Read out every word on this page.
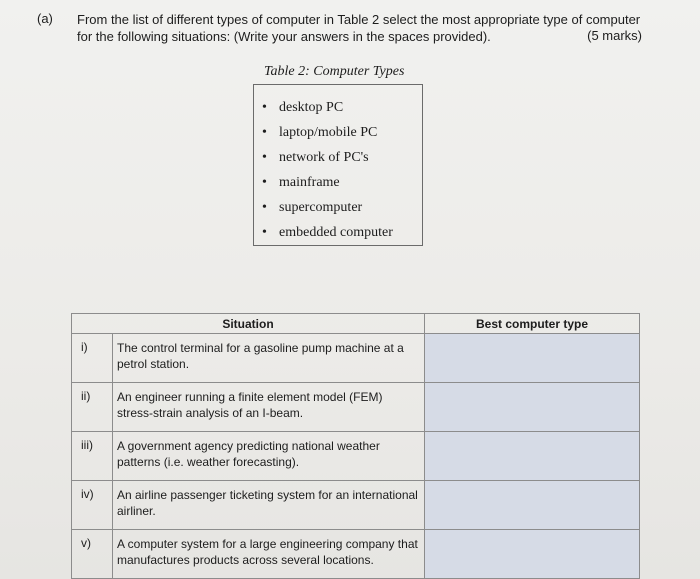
(a) From the list of different types of computer in Table 2 select the most appropriate type of computer for the following situations: (Write your answers in the spaces provided).	(5 marks)
Table 2: Computer Types
• desktop PC
• laptop/mobile PC
• network of PC's
• mainframe
• supercomputer
• embedded computer
Situation		Best computer type
i)	The control terminal for a gasoline pump machine at a petrol station.	
ii)	An engineer running a finite element model (FEM) stress-strain analysis of an I-beam.	
iii)	A government agency predicting national weather patterns (i.e. weather forecasting).	
iv)	An airline passenger ticketing system for an international airliner.	
v)	A computer system for a large engineering company that manufactures products across several locations.	
